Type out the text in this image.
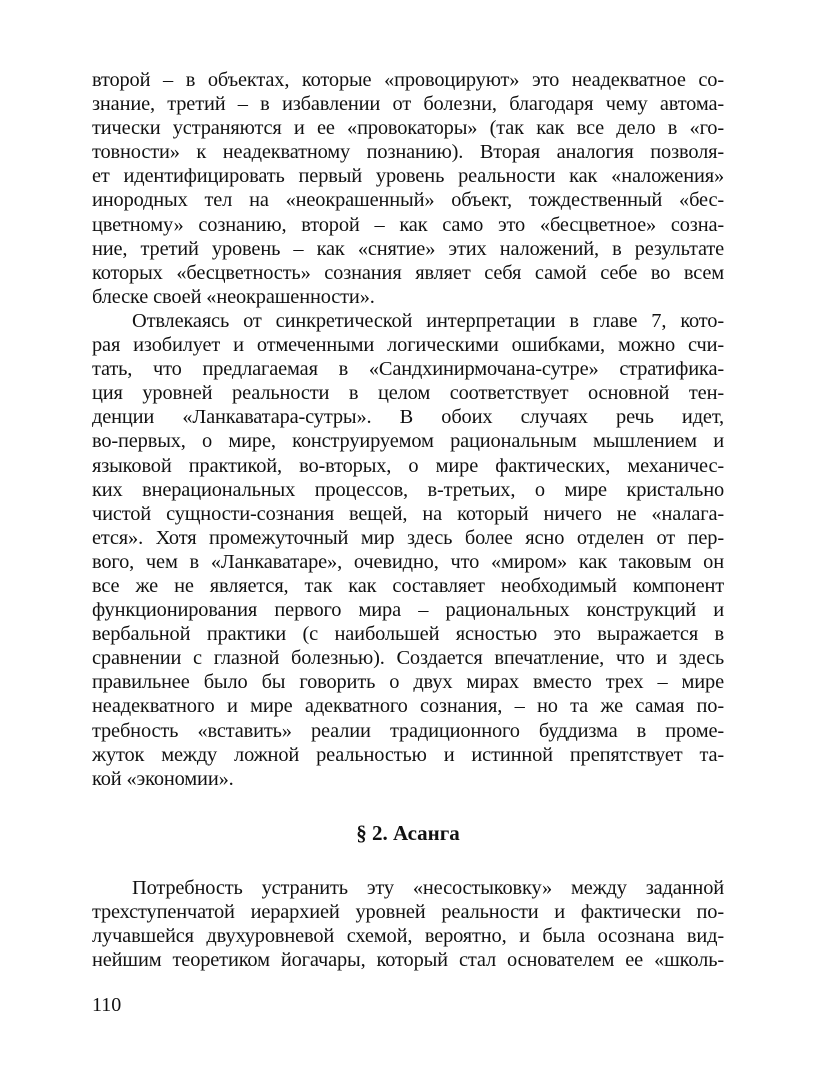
второй – в объектах, которые «провоцируют» это неадекватное со-
знание, третий – в избавлении от болезни, благодаря чему автома-
тически устраняются и ее «провокаторы» (так как все дело в «го-
товности» к неадекватному познанию). Вторая аналогия позволя-
ет идентифицировать первый уровень реальности как «наложения»
инородных тел на «неокрашенный» объект, тождественный «бес-
цветному» сознанию, второй – как само это «бесцветное» созна-
ние, третий уровень – как «снятие» этих наложений, в результате
которых «бесцветность» сознания являет себя самой себе во всем
блеске своей «неокрашенности».

Отвлекаясь от синкретической интерпретации в главе 7, кото-
рая изобилует и отмеченными логическими ошибками, можно счи-
тать, что предлагаемая в «Сандхинирмочана-сутре» стратифика-
ция уровней реальности в целом соответствует основной тен-
денции «Ланкаватара-сутры». В обоих случаях речь идет,
во-первых, о мире, конструируемом рациональным мышлением и
языковой практикой, во-вторых, о мире фактических, механичес-
ких внерациональных процессов, в-третьих, о мире кристально
чистой сущности-сознания вещей, на который ничего не «налага-
ется». Хотя промежуточный мир здесь более ясно отделен от пер-
вого, чем в «Ланкаватаре», очевидно, что «миром» как таковым он
все же не является, так как составляет необходимый компонент
функционирования первого мира – рациональных конструкций и
вербальной практики (с наибольшей ясностью это выражается в
сравнении с глазной болезнью). Создается впечатление, что и здесь
правильнее было бы говорить о двух мирах вместо трех – мире
неадекватного и мире адекватного сознания, – но та же самая по-
требность «вставить» реалии традиционного буддизма в проме-
жуток между ложной реальностью и истинной препятствует та-
кой «экономии».

§ 2. Асанга

Потребность устранить эту «несостыковку» между заданной
трехступенчатой иерархией уровней реальности и фактически по-
лучавшейся двухуровневой схемой, вероятно, и была осознана вид-
нейшим теоретиком йогачары, который стал основателем ее «школь-

110
